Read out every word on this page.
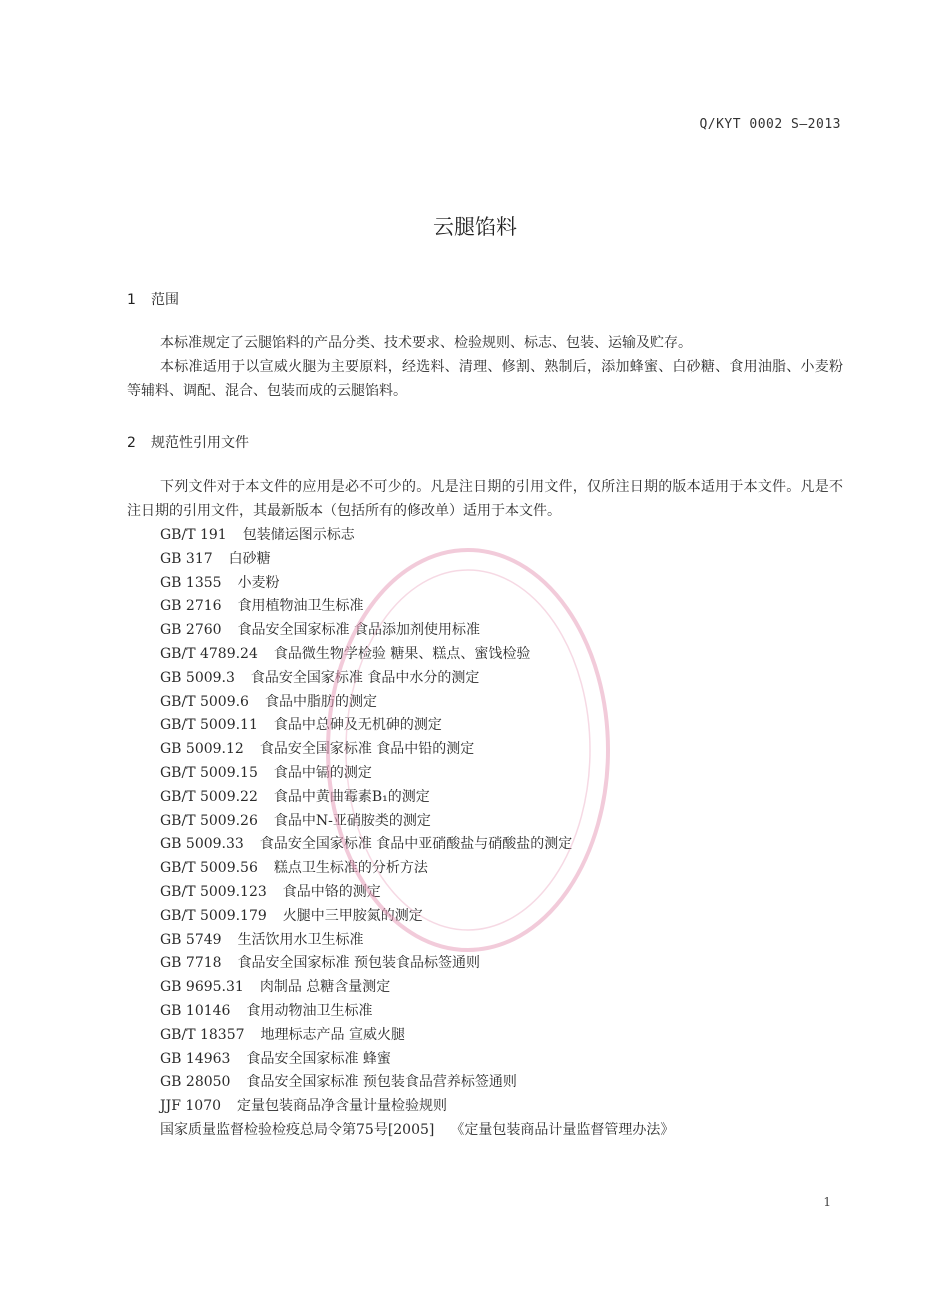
Q/KYT 0002 S—2013
云腿馅料
1 范围
本标准规定了云腿馅料的产品分类、技术要求、检验规则、标志、包装、运输及贮存。
本标准适用于以宣威火腿为主要原料，经选料、清理、修割、熟制后，添加蜂蜜、白砂糖、食用油脂、小麦粉等辅料、调配、混合、包装而成的云腿馅料。
2 规范性引用文件
下列文件对于本文件的应用是必不可少的。凡是注日期的引用文件，仅所注日期的版本适用于本文件。凡是不注日期的引用文件，其最新版本（包括所有的修改单）适用于本文件。
GB/T 191 包装储运图示标志
GB 317 白砂糖
GB 1355 小麦粉
GB 2716 食用植物油卫生标准
GB 2760 食品安全国家标准 食品添加剂使用标准
GB/T 4789.24 食品微生物学检验 糖果、糕点、蜜饯检验
GB 5009.3 食品安全国家标准 食品中水分的测定
GB/T 5009.6 食品中脂肪的测定
GB/T 5009.11 食品中总砷及无机砷的测定
GB 5009.12 食品安全国家标准 食品中铅的测定
GB/T 5009.15 食品中镉的测定
GB/T 5009.22 食品中黄曲霉素B₁的测定
GB/T 5009.26 食品中N-亚硝胺类的测定
GB 5009.33 食品安全国家标准 食品中亚硝酸盐与硝酸盐的测定
GB/T 5009.56 糕点卫生标准的分析方法
GB/T 5009.123 食品中铬的测定
GB/T 5009.179 火腿中三甲胺氮的测定
GB 5749 生活饮用水卫生标准
GB 7718 食品安全国家标准 预包装食品标签通则
GB 9695.31 肉制品 总糖含量测定
GB 10146 食用动物油卫生标准
GB/T 18357 地理标志产品 宣威火腿
GB 14963 食品安全国家标准 蜂蜜
GB 28050 食品安全国家标准 预包装食品营养标签通则
JJF 1070 定量包装商品净含量计量检验规则
国家质量监督检验检疫总局令第75号[2005] 《定量包装商品计量监督管理办法》
1
